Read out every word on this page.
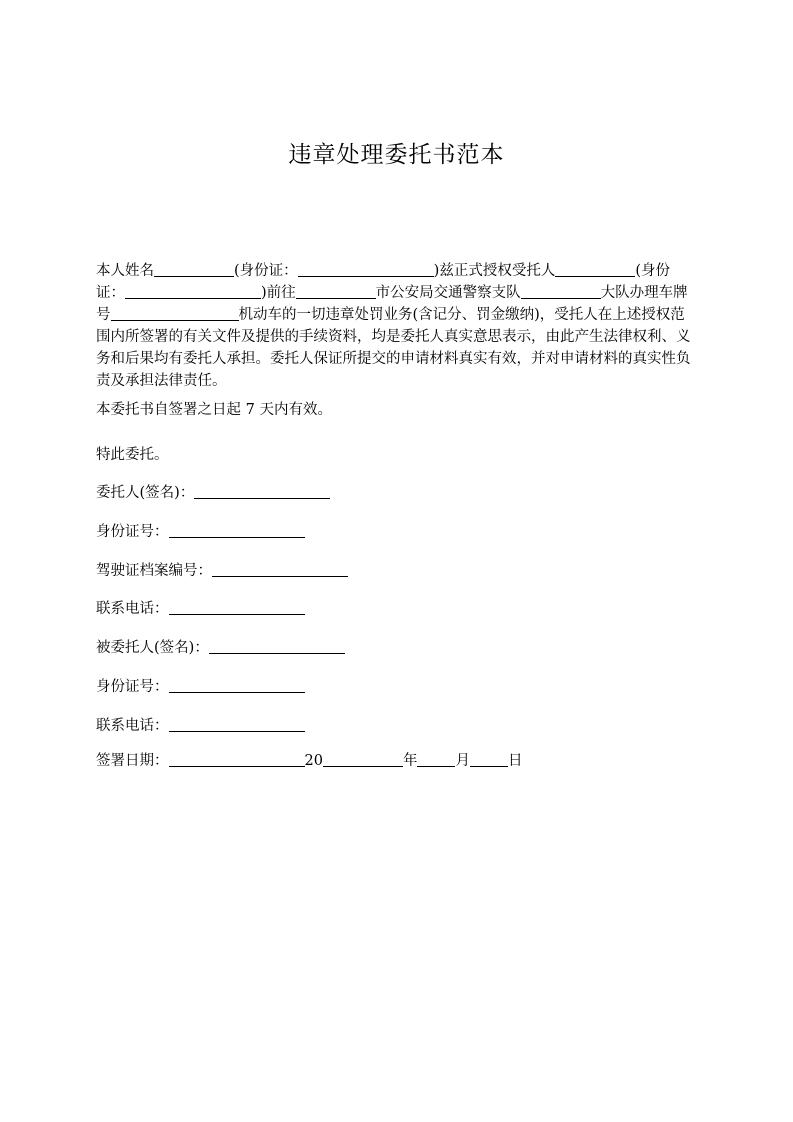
违章处理委托书范本
本人姓名	(身份证：	)兹正式授权受托人	(身份证：	)前往	市公安局交通警察支队	大队办理车牌号	机动车的一切违章处罚业务(含记分、罚金缴纳)，受托人在上述授权范围内所签署的有关文件及提供的手续资料，均是委托人真实意思表示，由此产生法律权利、义务和后果均有委托人承担。委托人保证所提交的申请材料真实有效，并对申请材料的真实性负责及承担法律责任。
本委托书自签署之日起 7 天内有效。
特此委托。
委托人(签名)：
身份证号：
驾驶证档案编号：
联系电话：
被委托人(签名)：
身份证号：
联系电话：
签署日期：	20	年	月	日
